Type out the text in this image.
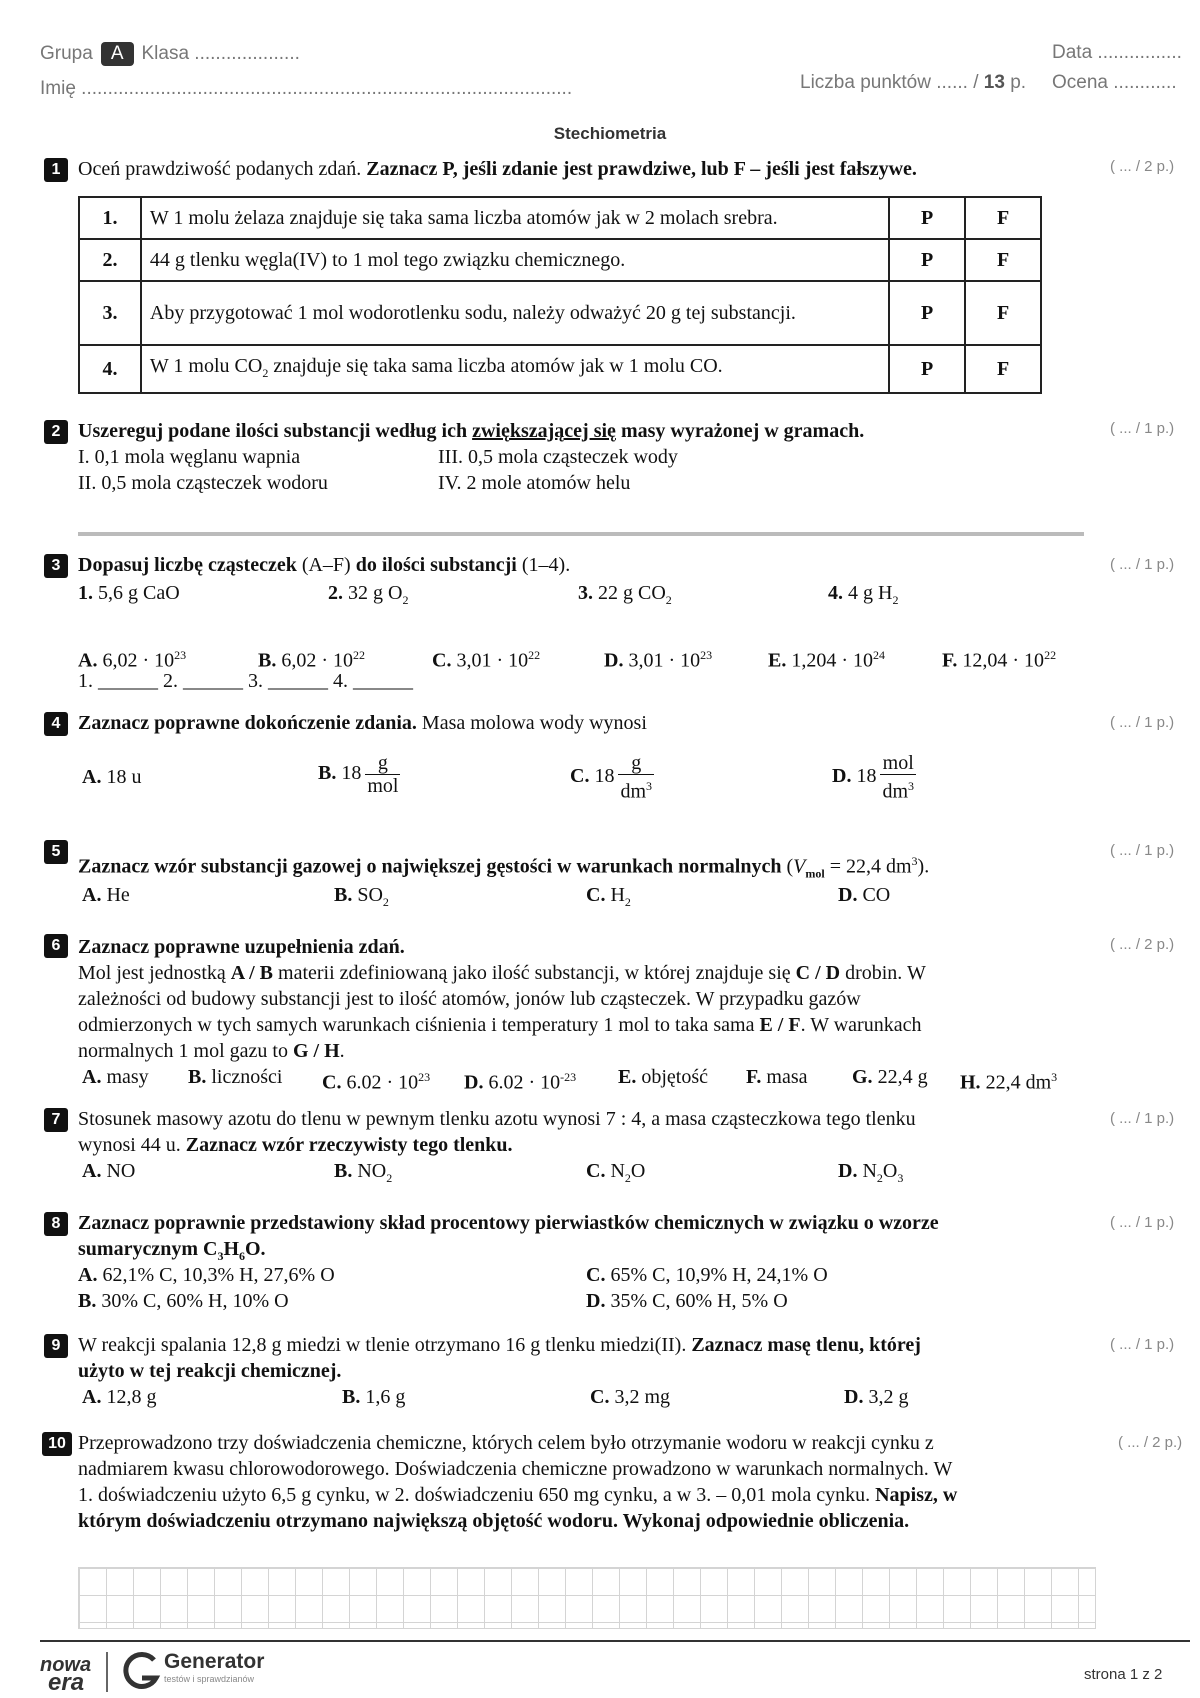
Grupa A Klasa ....................
Imię .............................................................................................
Data ................
Liczba punktów ...... / 13 p. Ocena ............
Stechiometria
1 Oceń prawdziwość podanych zdań. Zaznacz P, jeśli zdanie jest prawdziwe, lub F – jeśli jest fałszywe.	( ... / 2 p.)
1.	W 1 molu żelaza znajduje się taka sama liczba atomów jak w 2 molach srebra.	P	F
2.	44 g tlenku węgla(IV) to 1 mol tego związku chemicznego.	P	F
3.	Aby przygotować 1 mol wodorotlenku sodu, należy odważyć 20 g tej substancji.	P	F
4.	W 1 molu $CO_2$ znajduje się taka sama liczba atomów jak w 1 molu CO.	P	F
2 Uszereguj podane ilości substancji według ich zwiększającej się masy wyrażonej w gramach.	( ... / 1 p.)
I. 0,1 mola węglanu wapnia	III. 0,5 mola cząsteczek wody
II. 0,5 mola cząsteczek wodoru	IV. 2 mole atomów helu
3 Dopasuj liczbę cząsteczek (A–F) do ilości substancji (1–4).	( ... / 1 p.)
1. 5,6 g CaO	2. 32 g $O_2$	3. 22 g $CO_2$	4. 4 g $H_2$
A. $6,02 \cdot 10^{23}$	B. $6,02 \cdot 10^{22}$	C. $3,01 \cdot 10^{22}$	D. $3,01 \cdot 10^{23}$	E. $1,204 \cdot 10^{24}$	F. $12,04 \cdot 10^{22}$
1. ______ 2. ______ 3. ______ 4. ______
4 Zaznacz poprawne dokończenie zdania. Masa molowa wody wynosi	( ... / 1 p.)
A. 18 u	B. $18 \frac{g}{\text{mol}}$	C. $18 \frac{g}{dm^3}$	D. $18 \frac{\text{mol}}{dm^3}$
5
Zaznacz wzór substancji gazowej o największej gęstości w warunkach normalnych ($V_{mol} = 22,4$ $dm^3$).
( ... / 1 p.)
A. He	B. $SO_2$	C. $H_2$	D. CO
6 Zaznacz poprawne uzupełnienia zdań.	( ... / 2 p.)
Mol jest jednostką A / B materii zdefiniowaną jako ilość substancji, w której znajduje się C / D drobin. W
zależności od budowy substancji jest to ilość atomów, jonów lub cząsteczek. W przypadku gazów
odmierzonych w tych samych warunkach ciśnienia i temperatury 1 mol to taka sama E / F. W warunkach
normalnych 1 mol gazu to G / H.
A. masy B. liczności C. $6.02 \cdot 10^{23}$ D. $6.02 \cdot 10^{-23}$ E. objętość F. masa G. 22,4 g H. 22,4 $dm^3$
7 Stosunek masowy azotu do tlenu w pewnym tlenku azotu wynosi 7 : 4, a masa cząsteczkowa tego tlenku	( ... / 1 p.)
wynosi 44 u. Zaznacz wzór rzeczywisty tego tlenku.
A. NO	B. $NO_2$	C. $N_2O$	D. $N_2O_3$
8 Zaznacz poprawnie przedstawiony skład procentowy pierwiastków chemicznych w związku o wzorze	( ... / 1 p.)
sumarycznym $C_3H_6O$.
A. 62,1% C, 10,3% H, 27,6% O	C. 65% C, 10,9% H, 24,1% O
B. 30% C, 60% H, 10% O	D. 35% C, 60% H, 5% O
9 W reakcji spalania 12,8 g miedzi w tlenie otrzymano 16 g tlenku miedzi(II). Zaznacz masę tlenu, której	( ... / 1 p.)
użyto w tej reakcji chemicznej.
A. 12,8 g	B. 1,6 g	C. 3,2 mg	D. 3,2 g
10 Przeprowadzono trzy doświadczenia chemiczne, których celem było otrzymanie wodoru w reakcji cynku z	( ... / 2 p.)
nadmiarem kwasu chlorowodorowego. Doświadczenia chemiczne prowadzono w warunkach normalnych. W
1. doświadczeniu użyto 6,5 g cynku, w 2. doświadczeniu 650 mg cynku, a w 3. – 0,01 mola cynku. Napisz, w
którym doświadczeniu otrzymano największą objętość wodoru. Wykonaj odpowiednie obliczenia.
nowa
era
Generator
testów i sprawdzianów	strona 1 z 2
